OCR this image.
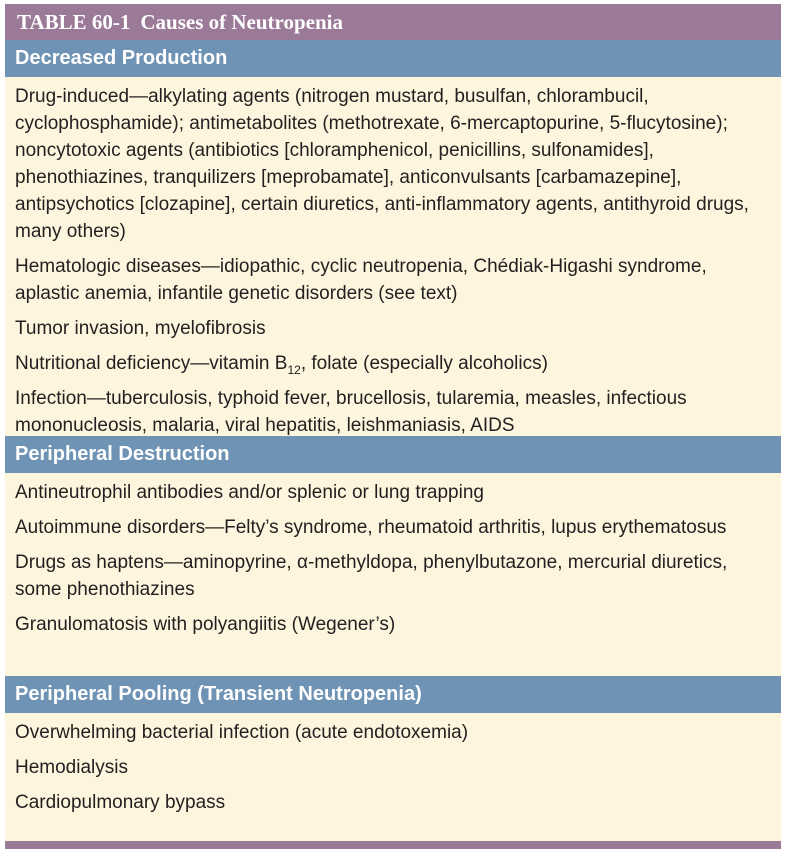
TABLE 60-1 Causes of Neutropenia
Decreased Production
Drug-induced—alkylating agents (nitrogen mustard, busulfan, chlorambucil, cyclophosphamide); antimetabolites (methotrexate, 6-mercaptopurine, 5-flucytosine); noncytotoxic agents (antibiotics [chloramphenicol, penicillins, sulfonamides], phenothiazines, tranquilizers [meprobamate], anticonvulsants [carbamazepine], antipsychotics [clozapine], certain diuretics, anti-inflammatory agents, antithyroid drugs, many others)
Hematologic diseases—idiopathic, cyclic neutropenia, Chédiak-Higashi syndrome, aplastic anemia, infantile genetic disorders (see text)
Tumor invasion, myelofibrosis
Nutritional deficiency—vitamin $B_{12}$, folate (especially alcoholics)
Infection—tuberculosis, typhoid fever, brucellosis, tularemia, measles, infectious mononucleosis, malaria, viral hepatitis, leishmaniasis, AIDS
Peripheral Destruction
Antineutrophil antibodies and/or splenic or lung trapping
Autoimmune disorders—Felty’s syndrome, rheumatoid arthritis, lupus erythematosus
Drugs as haptens—aminopyrine, α-methyldopa, phenylbutazone, mercurial diuretics, some phenothiazines
Granulomatosis with polyangiitis (Wegener’s)
Peripheral Pooling (Transient Neutropenia)
Overwhelming bacterial infection (acute endotoxemia)
Hemodialysis
Cardiopulmonary bypass
